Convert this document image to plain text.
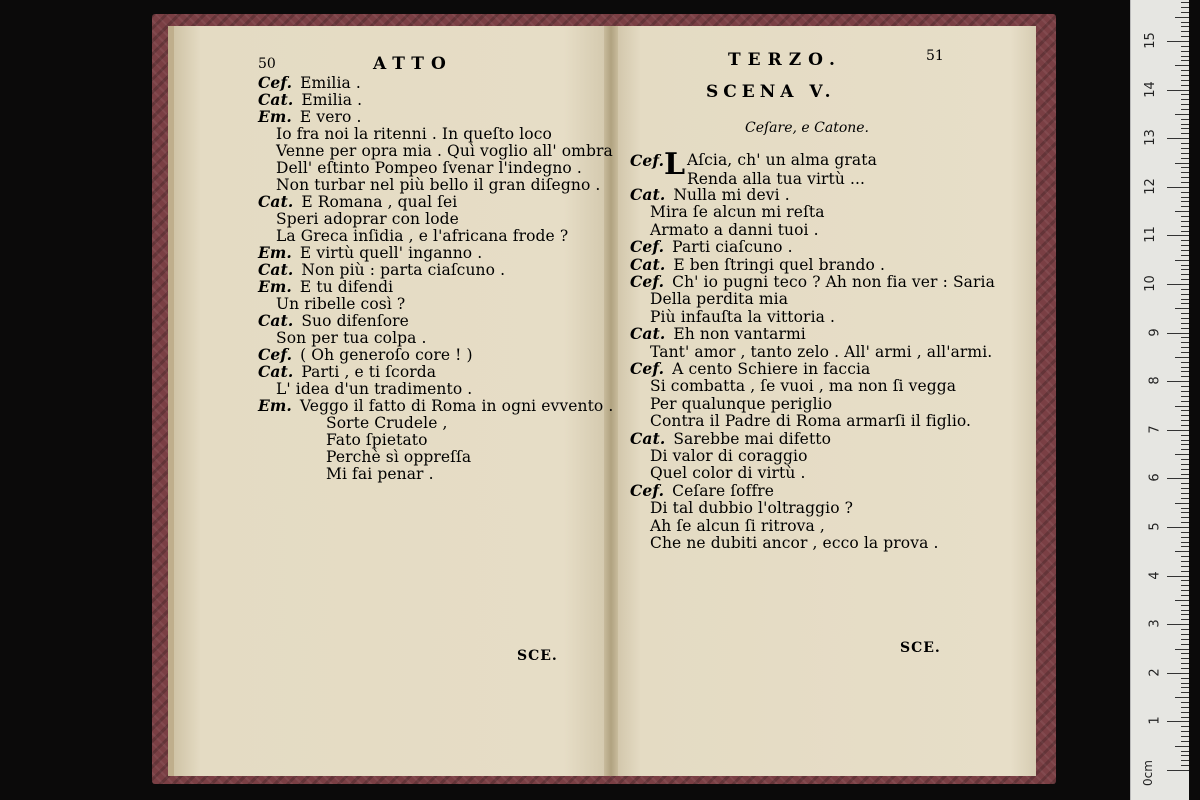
50	ATTO
Cef. Emilia .
Cat. Emilia .
Em. E vero .
Io fra noi la ritenni . In queſto loco
Venne per opra mia . Quì voglio all' ombra
Dell' eſtinto Pompeo ſvenar l'indegno .
Non turbar nel più bello il gran diſegno .
Cat. E Romana , qual ſei
Speri adoprar con lode
La Greca inſidia , e l'africana frode ?
Em. E virtù quell' inganno .
Cat. Non più : parta ciaſcuno .
Em. E tu difendi
Un ribelle così ?
Cat. Suo difenſore
Son per tua colpa .
Cef. ( Oh generoſo core ! )
Cat. Parti , e ti ſcorda
L' idea d'un tradimento .
Em. Veggo il fatto di Roma in ogni evvento .
Sorte Crudele ,
Fato ſpietato
Perchè sì oppreſſa
Mi fai penar .
SCE.
TERZO.	51
SCENA V.
Ceſare, e Catone.
Cef. L Aſcia, ch' un alma grata
Renda alla tua virtù ...
Cat. Nulla mi devi .
Mira ſe alcun mi reſta
Armato a danni tuoi .
Cef. Parti ciaſcuno .
Cat. E ben ſtringi quel brando .
Cef. Ch' io pugni teco ? Ah non fia ver : Saria
Della perdita mia
Più infauſta la vittoria .
Cat. Eh non vantarmi
Tant' amor , tanto zelo . All' armi , all'armi.
Cef. A cento Schiere in faccia
Si combatta , ſe vuoi , ma non ſi vegga
Per qualunque periglio
Contra il Padre di Roma armarſi il figlio.
Cat. Sarebbe mai difetto
Di valor di coraggio
Quel color di virtù .
Cef. Ceſare ſoffre
Di tal dubbio l'oltraggio ?
Ah ſe alcun ſi ritrova ,
Che ne dubiti ancor , ecco la prova .
SCE.
0cm
1
2
3
4
5
6
7
8
9
10
11
12
13
14
15
